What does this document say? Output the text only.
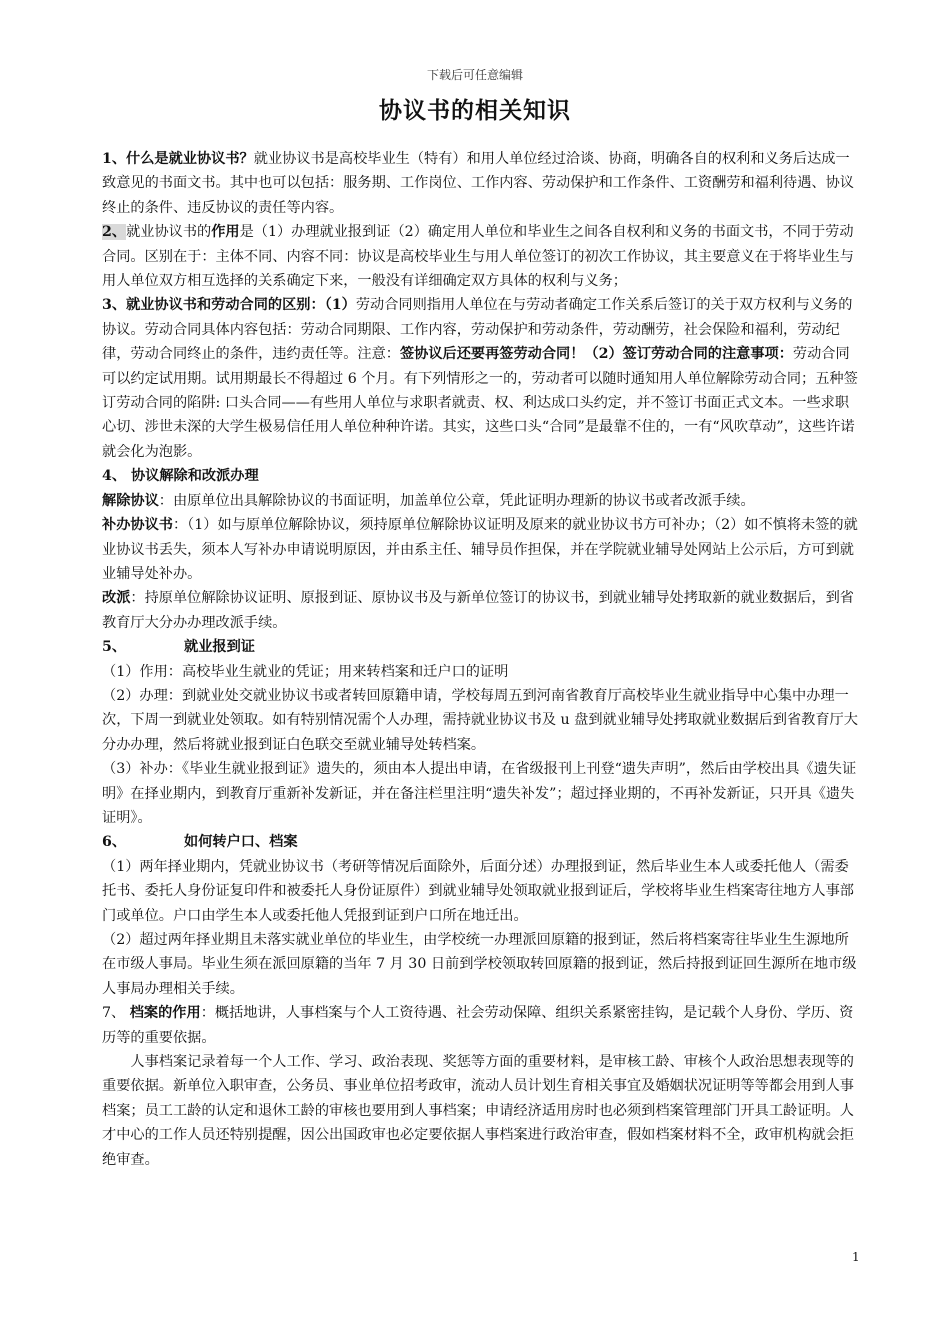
下载后可任意编辑
协议书的相关知识

1、什么是就业协议书？就业协议书是高校毕业生（特有）和用人单位经过洽谈、协商，明确各自的权利和义务后达成一致意见的书面文书。其中也可以包括：服务期、工作岗位、工作内容、劳动保护和工作条件、工资酬劳和福利待遇、协议终止的条件、违反协议的责任等内容。

2、就业协议书的作用是（1）办理就业报到证（2）确定用人单位和毕业生之间各自权利和义务的书面文书，不同于劳动合同。区别在于：主体不同、内容不同：协议是高校毕业生与用人单位签订的初次工作协议，其主要意义在于将毕业生与用人单位双方相互选择的关系确定下来，一般没有详细确定双方具体的权利与义务；

3、就业协议书和劳动合同的区别：（1）劳动合同则指用人单位在与劳动者确定工作关系后签订的关于双方权利与义务的协议。劳动合同具体内容包括：劳动合同期限、工作内容，劳动保护和劳动条件，劳动酬劳，社会保险和福利，劳动纪律，劳动合同终止的条件，违约责任等。注意：签协议后还要再签劳动合同！（2）签订劳动合同的注意事项：劳动合同可以约定试用期。试用期最长不得超过 6 个月。有下列情形之一的，劳动者可以随时通知用人单位解除劳动合同；五种签订劳动合同的陷阱: 口头合同——有些用人单位与求职者就责、权、利达成口头约定，并不签订书面正式文本。一些求职心切、涉世未深的大学生极易信任用人单位种种许诺。其实，这些口头“合同”是最靠不住的，一有“风吹草动”，这些许诺就会化为泡影。

4、 协议解除和改派办理

解除协议：由原单位出具解除协议的书面证明，加盖单位公章，凭此证明办理新的协议书或者改派手续。

补办协议书：（1）如与原单位解除协议，须持原单位解除协议证明及原来的就业协议书方可补办；（2）如不慎将未签的就业协议书丢失，须本人写补办申请说明原因，并由系主任、辅导员作担保，并在学院就业辅导处网站上公示后，方可到就业辅导处补办。

改派：持原单位解除协议证明、原报到证、原协议书及与新单位签订的协议书，到就业辅导处拷取新的就业数据后，到省教育厅大分办办理改派手续。

5、	就业报到证

（1）作用：高校毕业生就业的凭证；用来转档案和迁户口的证明

（2）办理：到就业处交就业协议书或者转回原籍申请，学校每周五到河南省教育厅高校毕业生就业指导中心集中办理一次，下周一到就业处领取。如有特别情况需个人办理，需持就业协议书及 u 盘到就业辅导处拷取就业数据后到省教育厅大分办办理，然后将就业报到证白色联交至就业辅导处转档案。

（3）补办：《毕业生就业报到证》遗失的，须由本人提出申请，在省级报刊上刊登“遗失声明”，然后由学校出具《遗失证明》在择业期内，到教育厅重新补发新证，并在备注栏里注明“遗失补发”；超过择业期的，不再补发新证，只开具《遗失证明》。

6、	如何转户口、档案

（1）两年择业期内，凭就业协议书（考研等情况后面除外，后面分述）办理报到证，然后毕业生本人或委托他人（需委托书、委托人身份证复印件和被委托人身份证原件）到就业辅导处领取就业报到证后，学校将毕业生档案寄往地方人事部门或单位。户口由学生本人或委托他人凭报到证到户口所在地迁出。

（2）超过两年择业期且未落实就业单位的毕业生，由学校统一办理派回原籍的报到证，然后将档案寄往毕业生生源地所在市级人事局。毕业生须在派回原籍的当年 7 月 30 日前到学校领取转回原籍的报到证，然后持报到证回生源所在地市级人事局办理相关手续。

7、 档案的作用：概括地讲，人事档案与个人工资待遇、社会劳动保障、组织关系紧密挂钩，是记载个人身份、学历、资历等的重要依据。

人事档案记录着每一个人工作、学习、政治表现、奖惩等方面的重要材料，是审核工龄、审核个人政治思想表现等的重要依据。新单位入职审查，公务员、事业单位招考政审，流动人员计划生育相关事宜及婚姻状况证明等等都会用到人事档案；员工工龄的认定和退休工龄的审核也要用到人事档案；申请经济适用房时也必须到档案管理部门开具工龄证明。人才中心的工作人员还特别提醒，因公出国政审也必定要依据人事档案进行政治审查，假如档案材料不全，政审机构就会拒绝审查。

1
